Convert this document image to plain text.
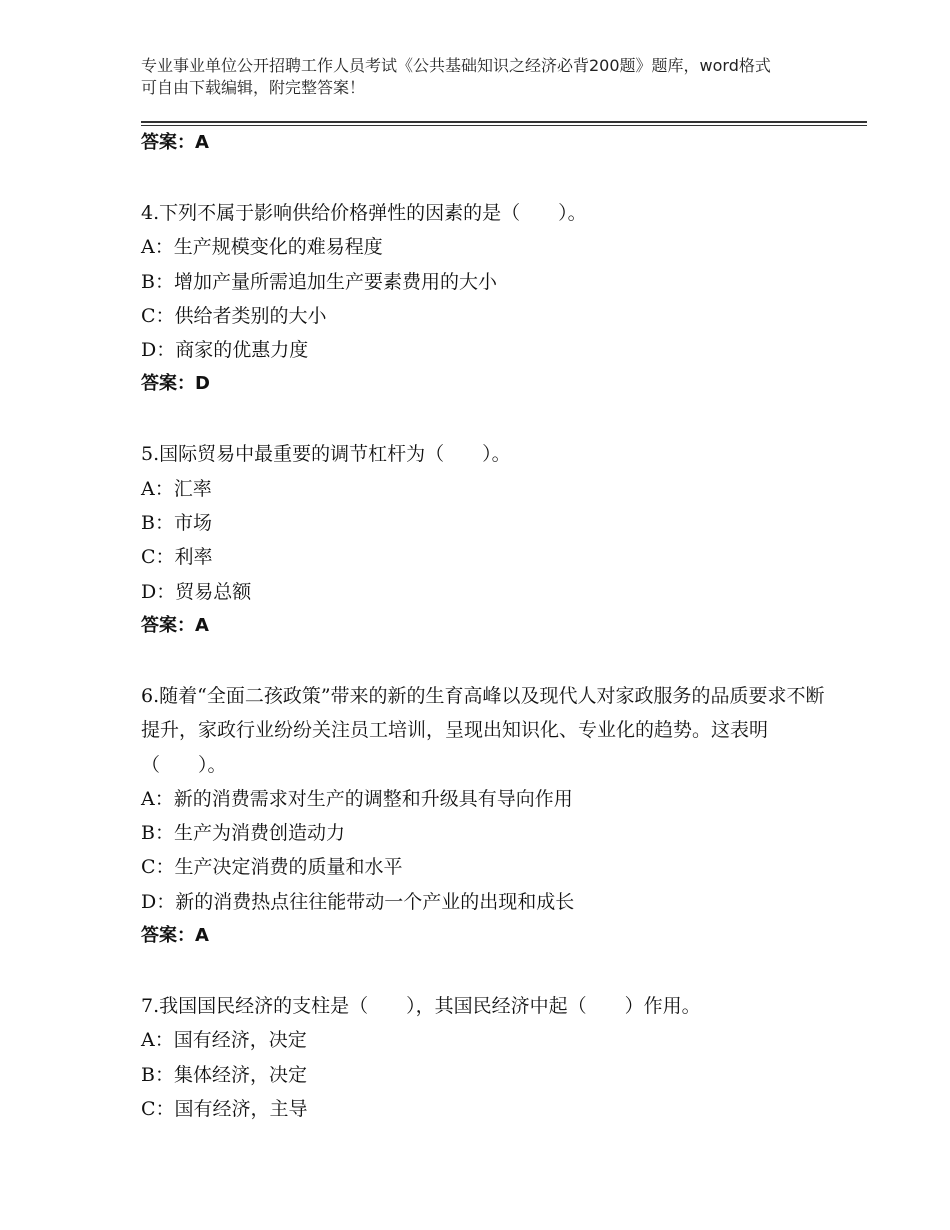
专业事业单位公开招聘工作人员考试《公共基础知识之经济必背200题》题库，word格式可自由下载编辑，附完整答案！
答案：A
4.下列不属于影响供给价格弹性的因素的是（　　）。
A：生产规模变化的难易程度
B：增加产量所需追加生产要素费用的大小
C：供给者类别的大小
D：商家的优惠力度
答案：D
5.国际贸易中最重要的调节杠杆为（　　）。
A：汇率
B：市场
C：利率
D：贸易总额
答案：A
6.随着“全面二孩政策”带来的新的生育高峰以及现代人对家政服务的品质要求不断提升，家政行业纷纷关注员工培训，呈现出知识化、专业化的趋势。这表明（　　）。
A：新的消费需求对生产的调整和升级具有导向作用
B：生产为消费创造动力
C：生产决定消费的质量和水平
D：新的消费热点往往能带动一个产业的出现和成长
答案：A
7.我国国民经济的支柱是（　　），其国民经济中起（　　）作用。
A：国有经济，决定
B：集体经济，决定
C：国有经济，主导
